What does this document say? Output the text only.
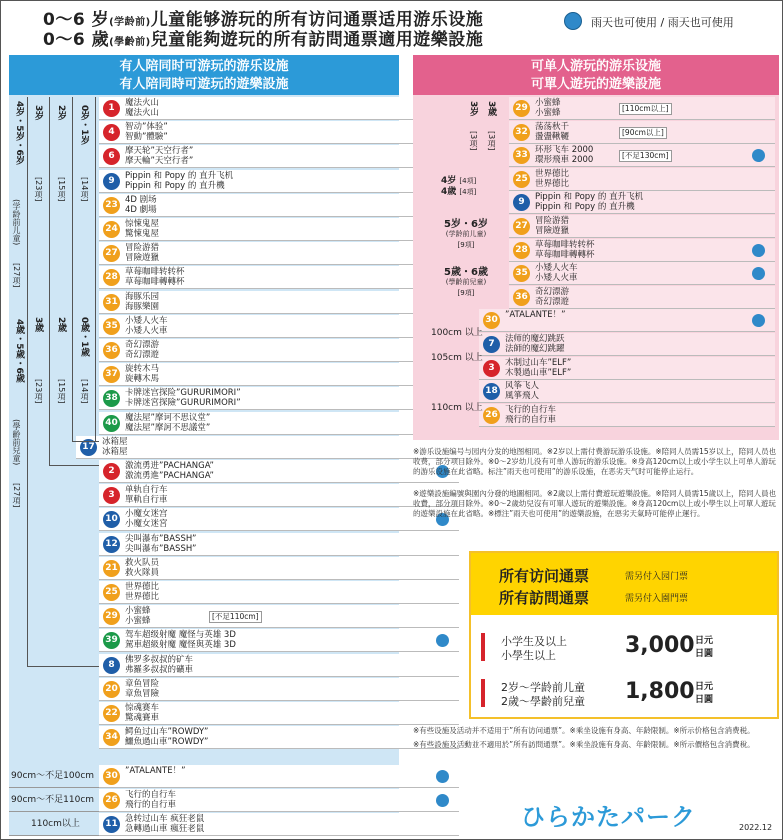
0～6 岁(学龄前)儿童能够游玩的所有访问通票适用游乐设施
0～6 歲(學齡前)兒童能夠遊玩的所有訪問通票適用遊樂設施
雨天也可使用 / 雨天也可使用
有人陪同时可游玩的游乐设施
有人陪同時可遊玩的遊樂設施
1	魔法火山
魔法火山
4	智动”体验”
智動”體驗”
6	摩天轮”天空行者”
摩天輪”天空行者”
9	Pippin 和 Popy 的 直升飞机
Pippin 和 Popy 的 直升機
23 4D 剧场
4D 劇場
24 惊悚鬼屋
驚悚鬼屋
27 冒险游猎
冒險遊獵
28 草莓咖啡转转杯
草莓咖啡轉轉杯
31 海豚乐园
海豚樂園
35 小矮人火车
小矮人火車
36 奇幻漂游
奇幻漂遊
37 旋转木马
旋轉木馬
38 卡牌迷宫探险”GURURIMORI”
卡牌迷宮探險”GURURIMORI”
40 魔法屋”摩诃不思议堂”
魔法屋”摩訶不思議堂”
17 冰箱屋
冰箱屋
2	激流勇进”PACHANGA”
激流勇進”PACHANGA”
3	单轨自行车
單軌自行車
10 小魔女迷宫
小魔女迷宮
12 尖叫瀑布”BASSH”
尖叫瀑布”BASSH”
21 救火队员
救火隊員
25 世界德比
世界德比
29 小蜜蜂
小蜜蜂	[不足110cm]
39 驾车超级射魔 魔怪与英雄 3D
駕車超級射魔 魔怪與英雄 3D
8	佛罗多叔叔的矿车
弗羅多叔叔的礦車
20 章鱼冒险
章魚冒險
22 惊魂赛车
驚魂賽車
34 鳄鱼过山车”ROWDY”
鱷魚過山車”ROWDY”
30 ”ATALANTE！”
26 飞行的自行车
飛行的自行車
11 急转过山车 疯狂老鼠
急轉過山車 瘋狂老鼠
4岁・5岁・6岁
(学龄前儿童)
[27项]
4歲・5歲・6歲
(學齡前兒童)
[27項]
3岁
[23项]
3歲
[23項]
2岁
[15项]
2歲
[15項]
0岁・1岁
[14项]
0歲・1歲
[14項]
90cm～不足100cm
90cm～不足110cm
110cm以上
可单人游玩的游乐设施
可單人遊玩的遊樂設施
29 小蜜蜂
小蜜蜂	[110cm以上]
32 荡荡秋千
盪盪鞦韆	[90cm以上]
33 环形飞车 2000
環形飛車 2000	[不足130cm]
25 世界德比
世界德比
9	Pippin 和 Popy 的 直升飞机
Pippin 和 Popy 的 直升機
27 冒险游猎
冒險遊獵
28 草莓咖啡转转杯
草莓咖啡轉轉杯
35 小矮人火车
小矮人火車
36 奇幻漂游
奇幻漂遊
30 ”ATALANTE！”
7	法师的魔幻跳跃
法師的魔幻跳躍
3	木制过山车”ELF”
木製過山車”ELF”
18 风筝飞人
風箏飛人
26 飞行的自行车
飛行的自行車
3岁
[3项]
3歲
[3項]
4岁 [4项]
4歲 [4項]
5岁・6岁
(学龄前儿童)
[9项]
5歲・6歲
(學齡前兒童)
[9項]
100cm 以上
105cm 以上
110cm 以上
※游乐设施编号与园内分发的地图相同。※2岁以上需付费游玩游乐设施。※陪同人员需15岁以上，陪同人员也收费，部分项目除外。※0～2岁幼儿没有可单人游玩的游乐设施。※身高120cm以上或小学生以上可单人游玩的游乐设施在此省略。标注”雨天也可使用”的游乐设施，在恶劣天气时可能停止运行。
※遊樂設施編號與園內分發的地圖相同。※2歲以上需付費遊玩遊樂設施。※陪同人員需15歲以上，陪同人員也收費，部分項目除外。※0～2歲幼兒沒有可單人遊玩的遊樂設施。※身高120cm以上或小學生以上可單人遊玩的遊樂設施在此省略。※標注”雨天也可使用”的遊樂設施，在惡劣天氣時可能停止運行。
所有访问通票	需另付入园门票
所有訪問通票	需另付入園門票
小学生及以上
小學生以上	3,000 日元
日圓
2岁～学龄前儿童
2歲～學齡前兒童 1,800 日元
日圓
※有些设施及活动并不适用于”所有访问通票”。※乘坐设施有身高、年龄限制。※所示价格包含消费税。
※有些設施及活動並不適用於”所有訪問通票”。※乘坐設施有身高、年齡限制。※所示價格包含消費稅。
ひらかたパーク	2022.12
